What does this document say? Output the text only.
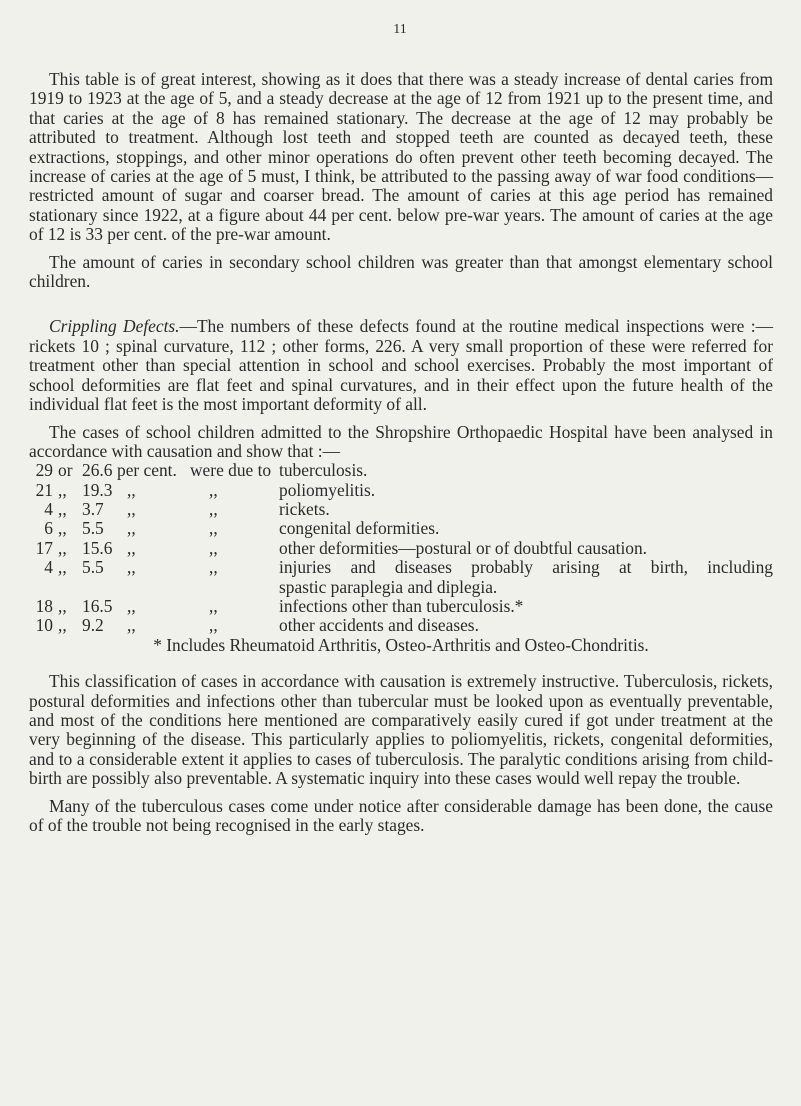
11

This table is of great interest, showing as it does that there was a steady increase of dental caries from 1919 to 1923 at the age of 5, and a steady decrease at the age of 12 from 1921 up to the present time, and that caries at the age of 8 has remained stationary. The decrease at the age of 12 may probably be attributed to treatment. Although lost teeth and stopped teeth are counted as decayed teeth, these extractions, stoppings, and other minor operations do often prevent other teeth becoming decayed. The increase of caries at the age of 5 must, I think, be attributed to the passing away of war food conditions—restricted amount of sugar and coarser bread. The amount of caries at this age period has remained stationary since 1922, at a figure about 44 per cent. below pre-war years. The amount of caries at the age of 12 is 33 per cent. of the pre-war amount.

The amount of caries in secondary school children was greater than that amongst elementary school children.

Crippling Defects.—The numbers of these defects found at the routine medical inspections were :—rickets 10 ; spinal curvature, 112 ; other forms, 226. A very small proportion of these were referred for treatment other than special attention in school and school exercises. Probably the most important of school deformities are flat feet and spinal curvatures, and in their effect upon the future health of the individual flat feet is the most important deformity of all.

The cases of school children admitted to the Shropshire Orthopaedic Hospital have been analysed in accordance with causation and show that :—

29 or 26.6 per cent. were due to tuberculosis.
21 ,, 19.3 ,,	,,	poliomyelitis.
4 ,, 3.7 ,,	,,	rickets.
6 ,, 5.5 ,,	,,	congenital deformities.
17 ,, 15.6 ,,	,,	other deformities—postural or of doubtful causation.
4 ,, 5.5 ,,	,,	injuries and diseases probably arising at birth, including
spastic paraplegia and diplegia.
18 ,, 16.5 ,,	,,	infections other than tuberculosis.*
10 ,, 9.2 ,,	,,	other accidents and diseases.

* Includes Rheumatoid Arthritis, Osteo-Arthritis and Osteo-Chondritis.

This classification of cases in accordance with causation is extremely instructive. Tuberculosis, rickets, postural deformities and infections other than tubercular must be looked upon as eventually preventable, and most of the conditions here mentioned are comparatively easily cured if got under treatment at the very beginning of the disease. This particularly applies to poliomyelitis, rickets, congenital deformities, and to a considerable extent it applies to cases of tuberculosis. The paralytic conditions arising from child-birth are possibly also preventable. A systematic inquiry into these cases would well repay the trouble.

Many of the tuberculous cases come under notice after considerable damage has been done, the cause of of the trouble not being recognised in the early stages.
